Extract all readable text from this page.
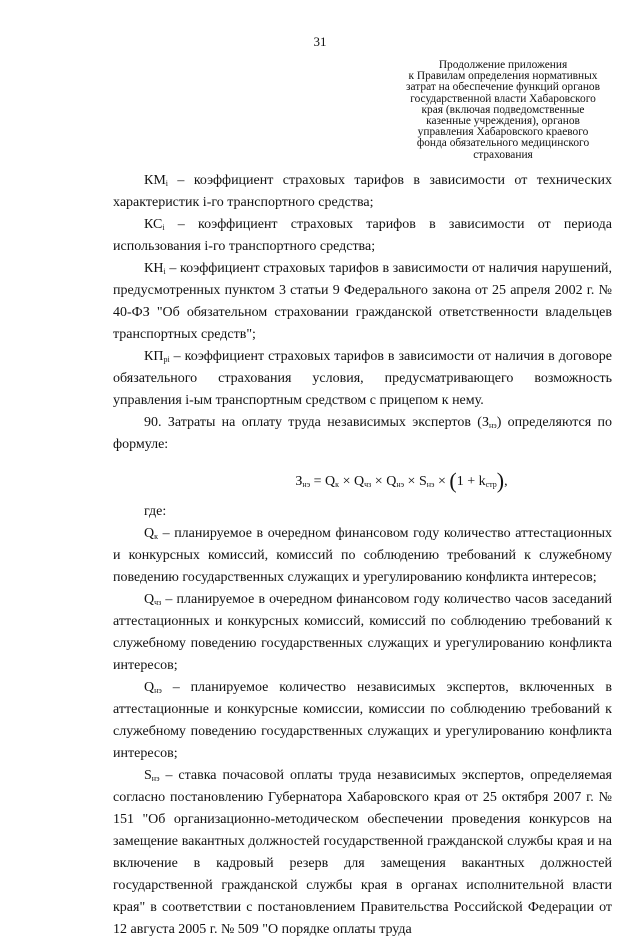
31
Продолжение приложения
к Правилам определения нормативных
затрат на обеспечение функций органов
государственной власти Хабаровского
края (включая подведомственные
казенные учреждения), органов
управления Хабаровского краевого
фонда обязательного медицинского
страхования

$КМ_i$ – коэффициент страховых тарифов в зависимости от технических характеристик i-го транспортного средства;

$КС_i$ – коэффициент страховых тарифов в зависимости от периода использования i-го транспортного средства;

$КН_i$ – коэффициент страховых тарифов в зависимости от наличия нарушений, предусмотренных пунктом 3 статьи 9 Федерального закона от 25 апреля 2002 г. № 40-ФЗ "Об обязательном страховании гражданской ответственности владельцев транспортных средств";

$КП_{рi}$ – коэффициент страховых тарифов в зависимости от наличия в договоре обязательного страхования условия, предусматривающего возможность управления i-ым транспортным средством с прицепом к нему.

90. Затраты на оплату труда независимых экспертов $(З_{нэ})$ определяются по формуле:

$З_{нэ} = Q_к \times Q_{чз} \times Q_{нэ} \times S_{нэ} \times (1 + k_{стр})$,

где:

$Q_к$ – планируемое в очередном финансовом году количество аттестационных и конкурсных комиссий, комиссий по соблюдению требований к служебному поведению государственных служащих и урегулированию конфликта интересов;

$Q_{чз}$ – планируемое в очередном финансовом году количество часов заседаний аттестационных и конкурсных комиссий, комиссий по соблюдению требований к служебному поведению государственных служащих и урегулированию конфликта интересов;

$Q_{нэ}$ – планируемое количество независимых экспертов, включенных в аттестационные и конкурсные комиссии, комиссии по соблюдению требований к служебному поведению государственных служащих и урегулированию конфликта интересов;

$S_{нэ}$ – ставка почасовой оплаты труда независимых экспертов, определяемая согласно постановлению Губернатора Хабаровского края от 25 октября 2007 г. № 151 "Об организационно-методическом обеспечении проведения конкурсов на замещение вакантных должностей государственной гражданской службы края и на включение в кадровый резерв для замещения вакантных должностей государственной гражданской службы края в органах исполнительной власти края" в соответствии с постановлением Правительства Российской Федерации от 12 августа 2005 г. № 509 "О порядке оплаты труда
